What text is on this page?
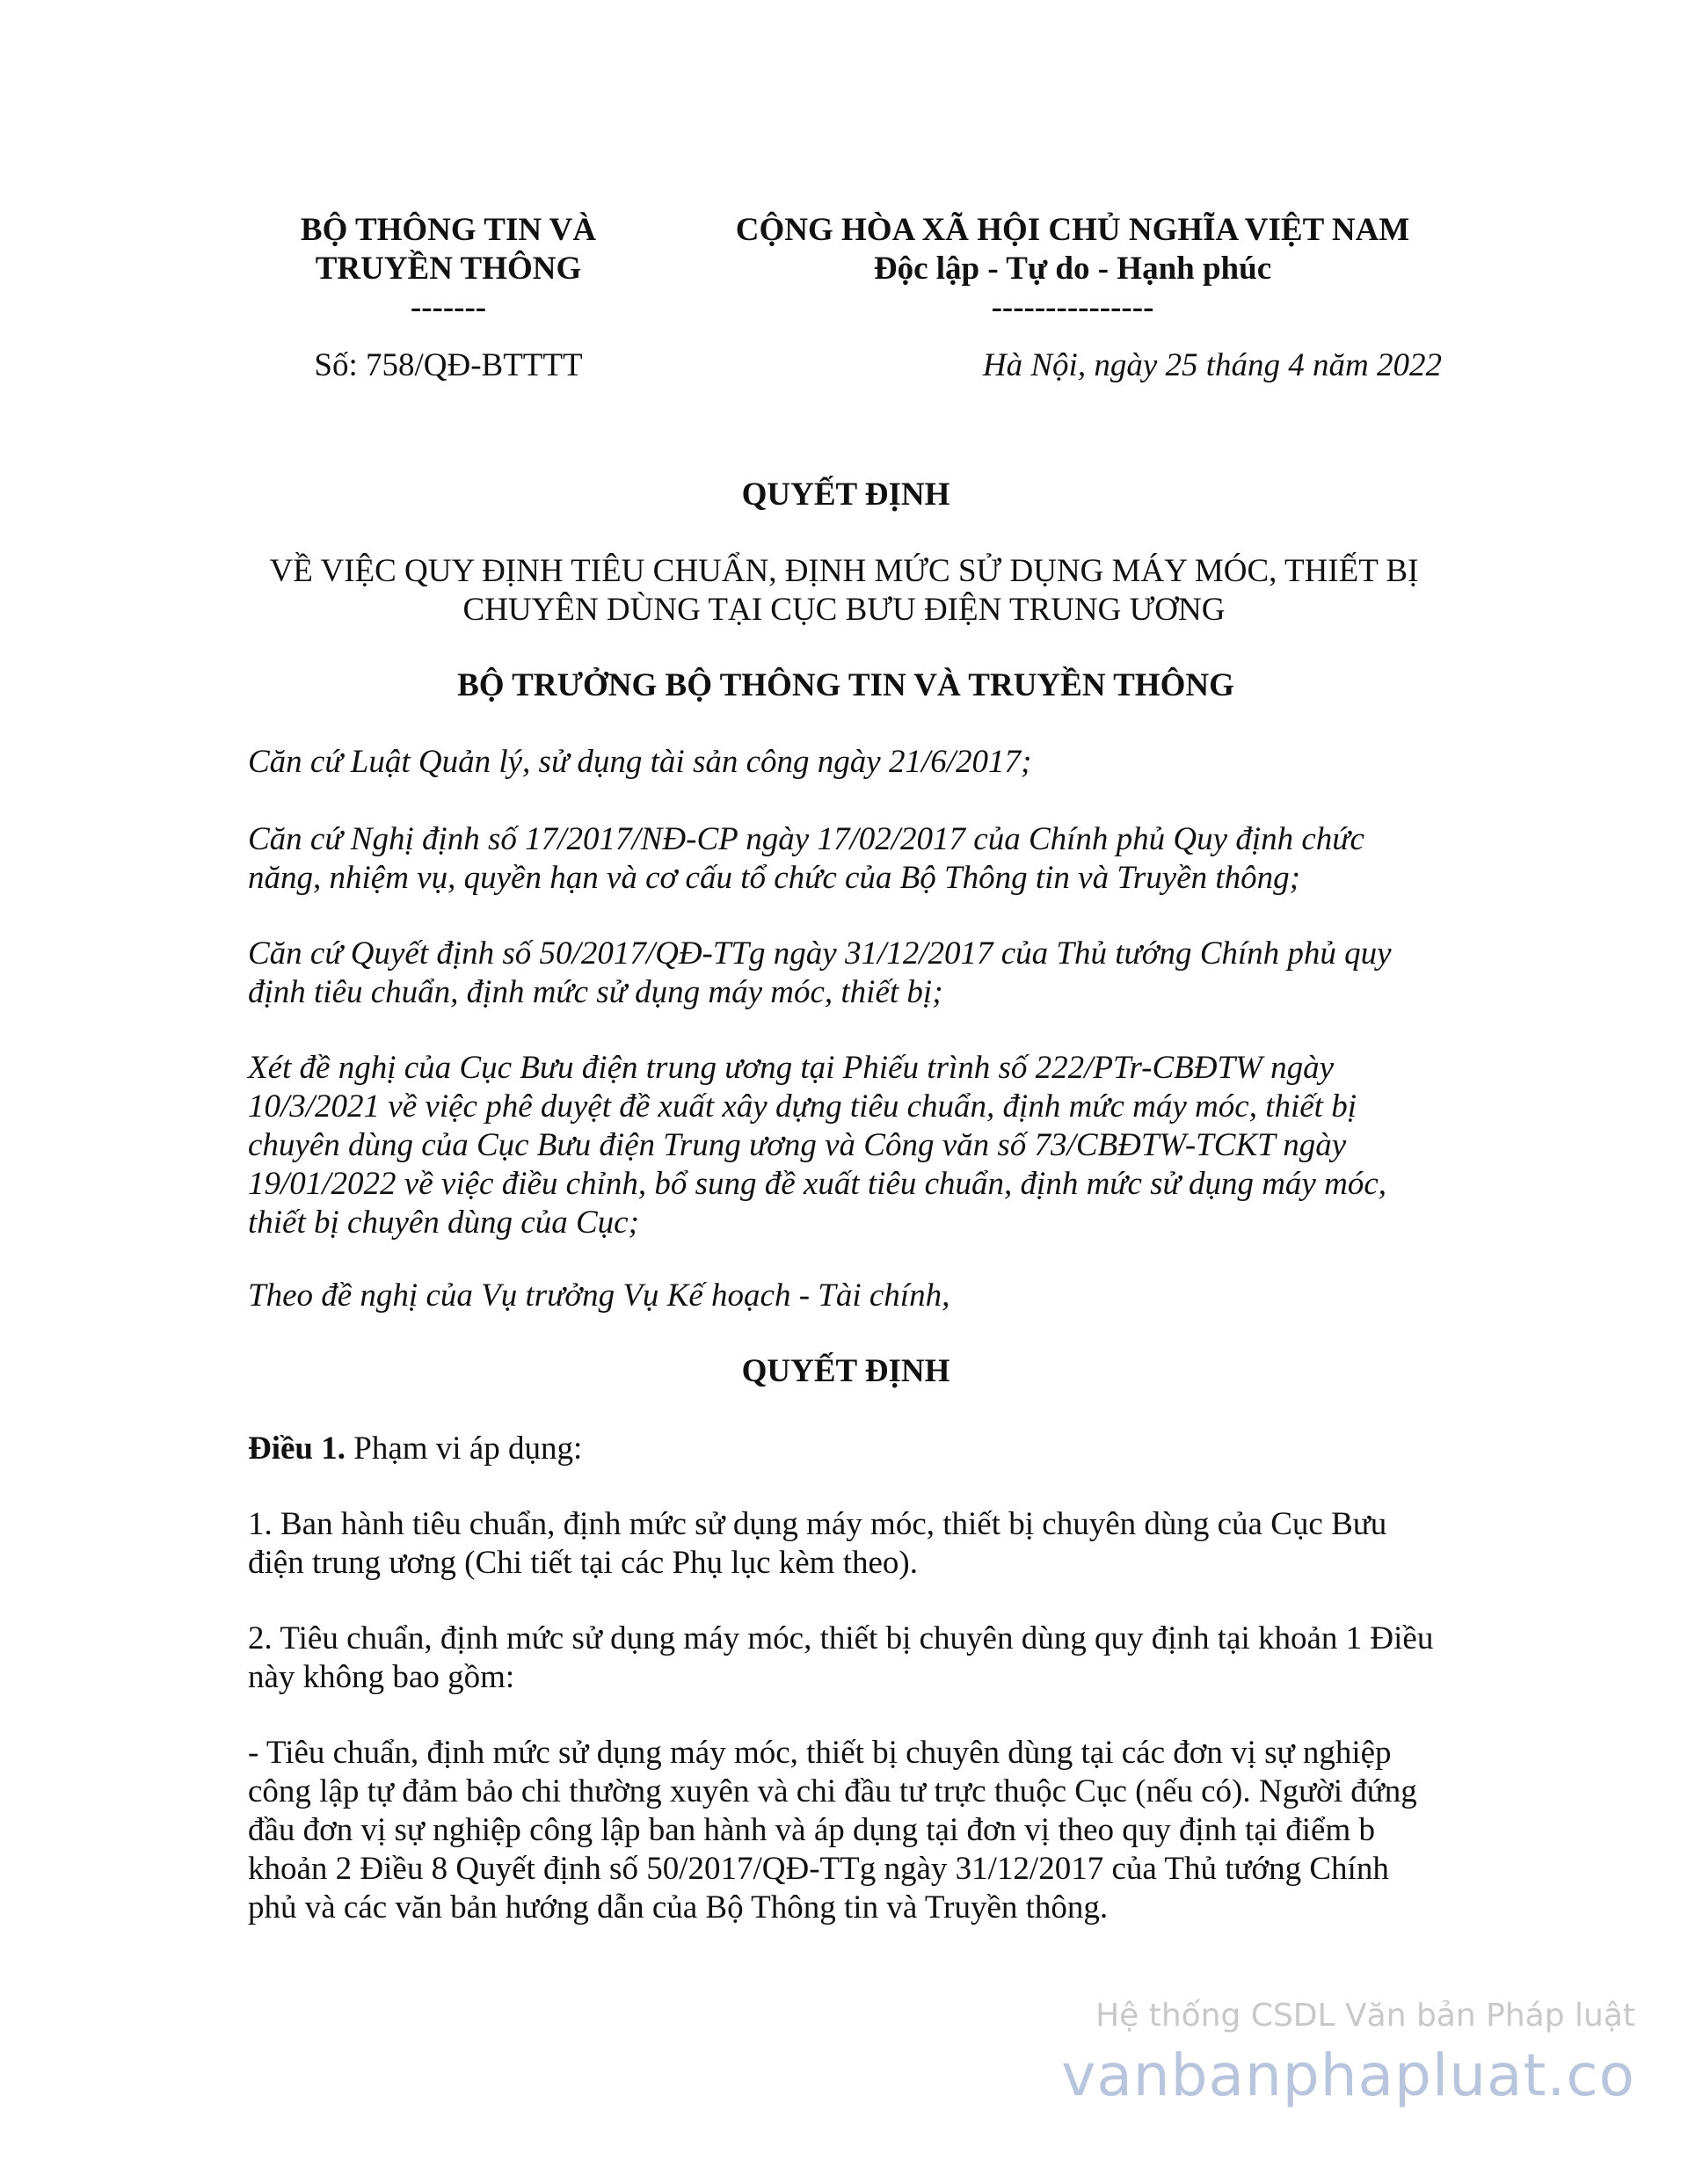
BỘ THÔNG TIN VÀ
TRUYỀN THÔNG
-------
CỘNG HÒA XÃ HỘI CHỦ NGHĨA VIỆT NAM
Độc lập - Tự do - Hạnh phúc
---------------
Số: 758/QĐ-BTTTT	Hà Nội, ngày 25 tháng 4 năm 2022
QUYẾT ĐỊNH
VỀ VIỆC QUY ĐỊNH TIÊU CHUẨN, ĐỊNH MỨC SỬ DỤNG MÁY MÓC, THIẾT BỊ
CHUYÊN DÙNG TẠI CỤC BƯU ĐIỆN TRUNG ƯƠNG
BỘ TRƯỞNG BỘ THÔNG TIN VÀ TRUYỀN THÔNG
Căn cứ Luật Quản lý, sử dụng tài sản công ngày 21/6/2017;
Căn cứ Nghị định số 17/2017/NĐ-CP ngày 17/02/2017 của Chính phủ Quy định chức năng, nhiệm vụ, quyền hạn và cơ cấu tổ chức của Bộ Thông tin và Truyền thông;
Căn cứ Quyết định số 50/2017/QĐ-TTg ngày 31/12/2017 của Thủ tướng Chính phủ quy định tiêu chuẩn, định mức sử dụng máy móc, thiết bị;
Xét đề nghị của Cục Bưu điện trung ương tại Phiếu trình số 222/PTr-CBĐTW ngày 10/3/2021 về việc phê duyệt đề xuất xây dựng tiêu chuẩn, định mức máy móc, thiết bị chuyên dùng của Cục Bưu điện Trung ương và Công văn số 73/CBĐTW-TCKT ngày 19/01/2022 về việc điều chỉnh, bổ sung đề xuất tiêu chuẩn, định mức sử dụng máy móc, thiết bị chuyên dùng của Cục;
Theo đề nghị của Vụ trưởng Vụ Kế hoạch - Tài chính,
QUYẾT ĐỊNH
Điều 1. Phạm vi áp dụng:
1. Ban hành tiêu chuẩn, định mức sử dụng máy móc, thiết bị chuyên dùng của Cục Bưu điện trung ương (Chi tiết tại các Phụ lục kèm theo).
2. Tiêu chuẩn, định mức sử dụng máy móc, thiết bị chuyên dùng quy định tại khoản 1 Điều này không bao gồm:
- Tiêu chuẩn, định mức sử dụng máy móc, thiết bị chuyên dùng tại các đơn vị sự nghiệp công lập tự đảm bảo chi thường xuyên và chi đầu tư trực thuộc Cục (nếu có). Người đứng đầu đơn vị sự nghiệp công lập ban hành và áp dụng tại đơn vị theo quy định tại điểm b khoản 2 Điều 8 Quyết định số 50/2017/QĐ-TTg ngày 31/12/2017 của Thủ tướng Chính phủ và các văn bản hướng dẫn của Bộ Thông tin và Truyền thông.
Hệ thống CSDL Văn bản Pháp luật
vanbanphapluat.co
